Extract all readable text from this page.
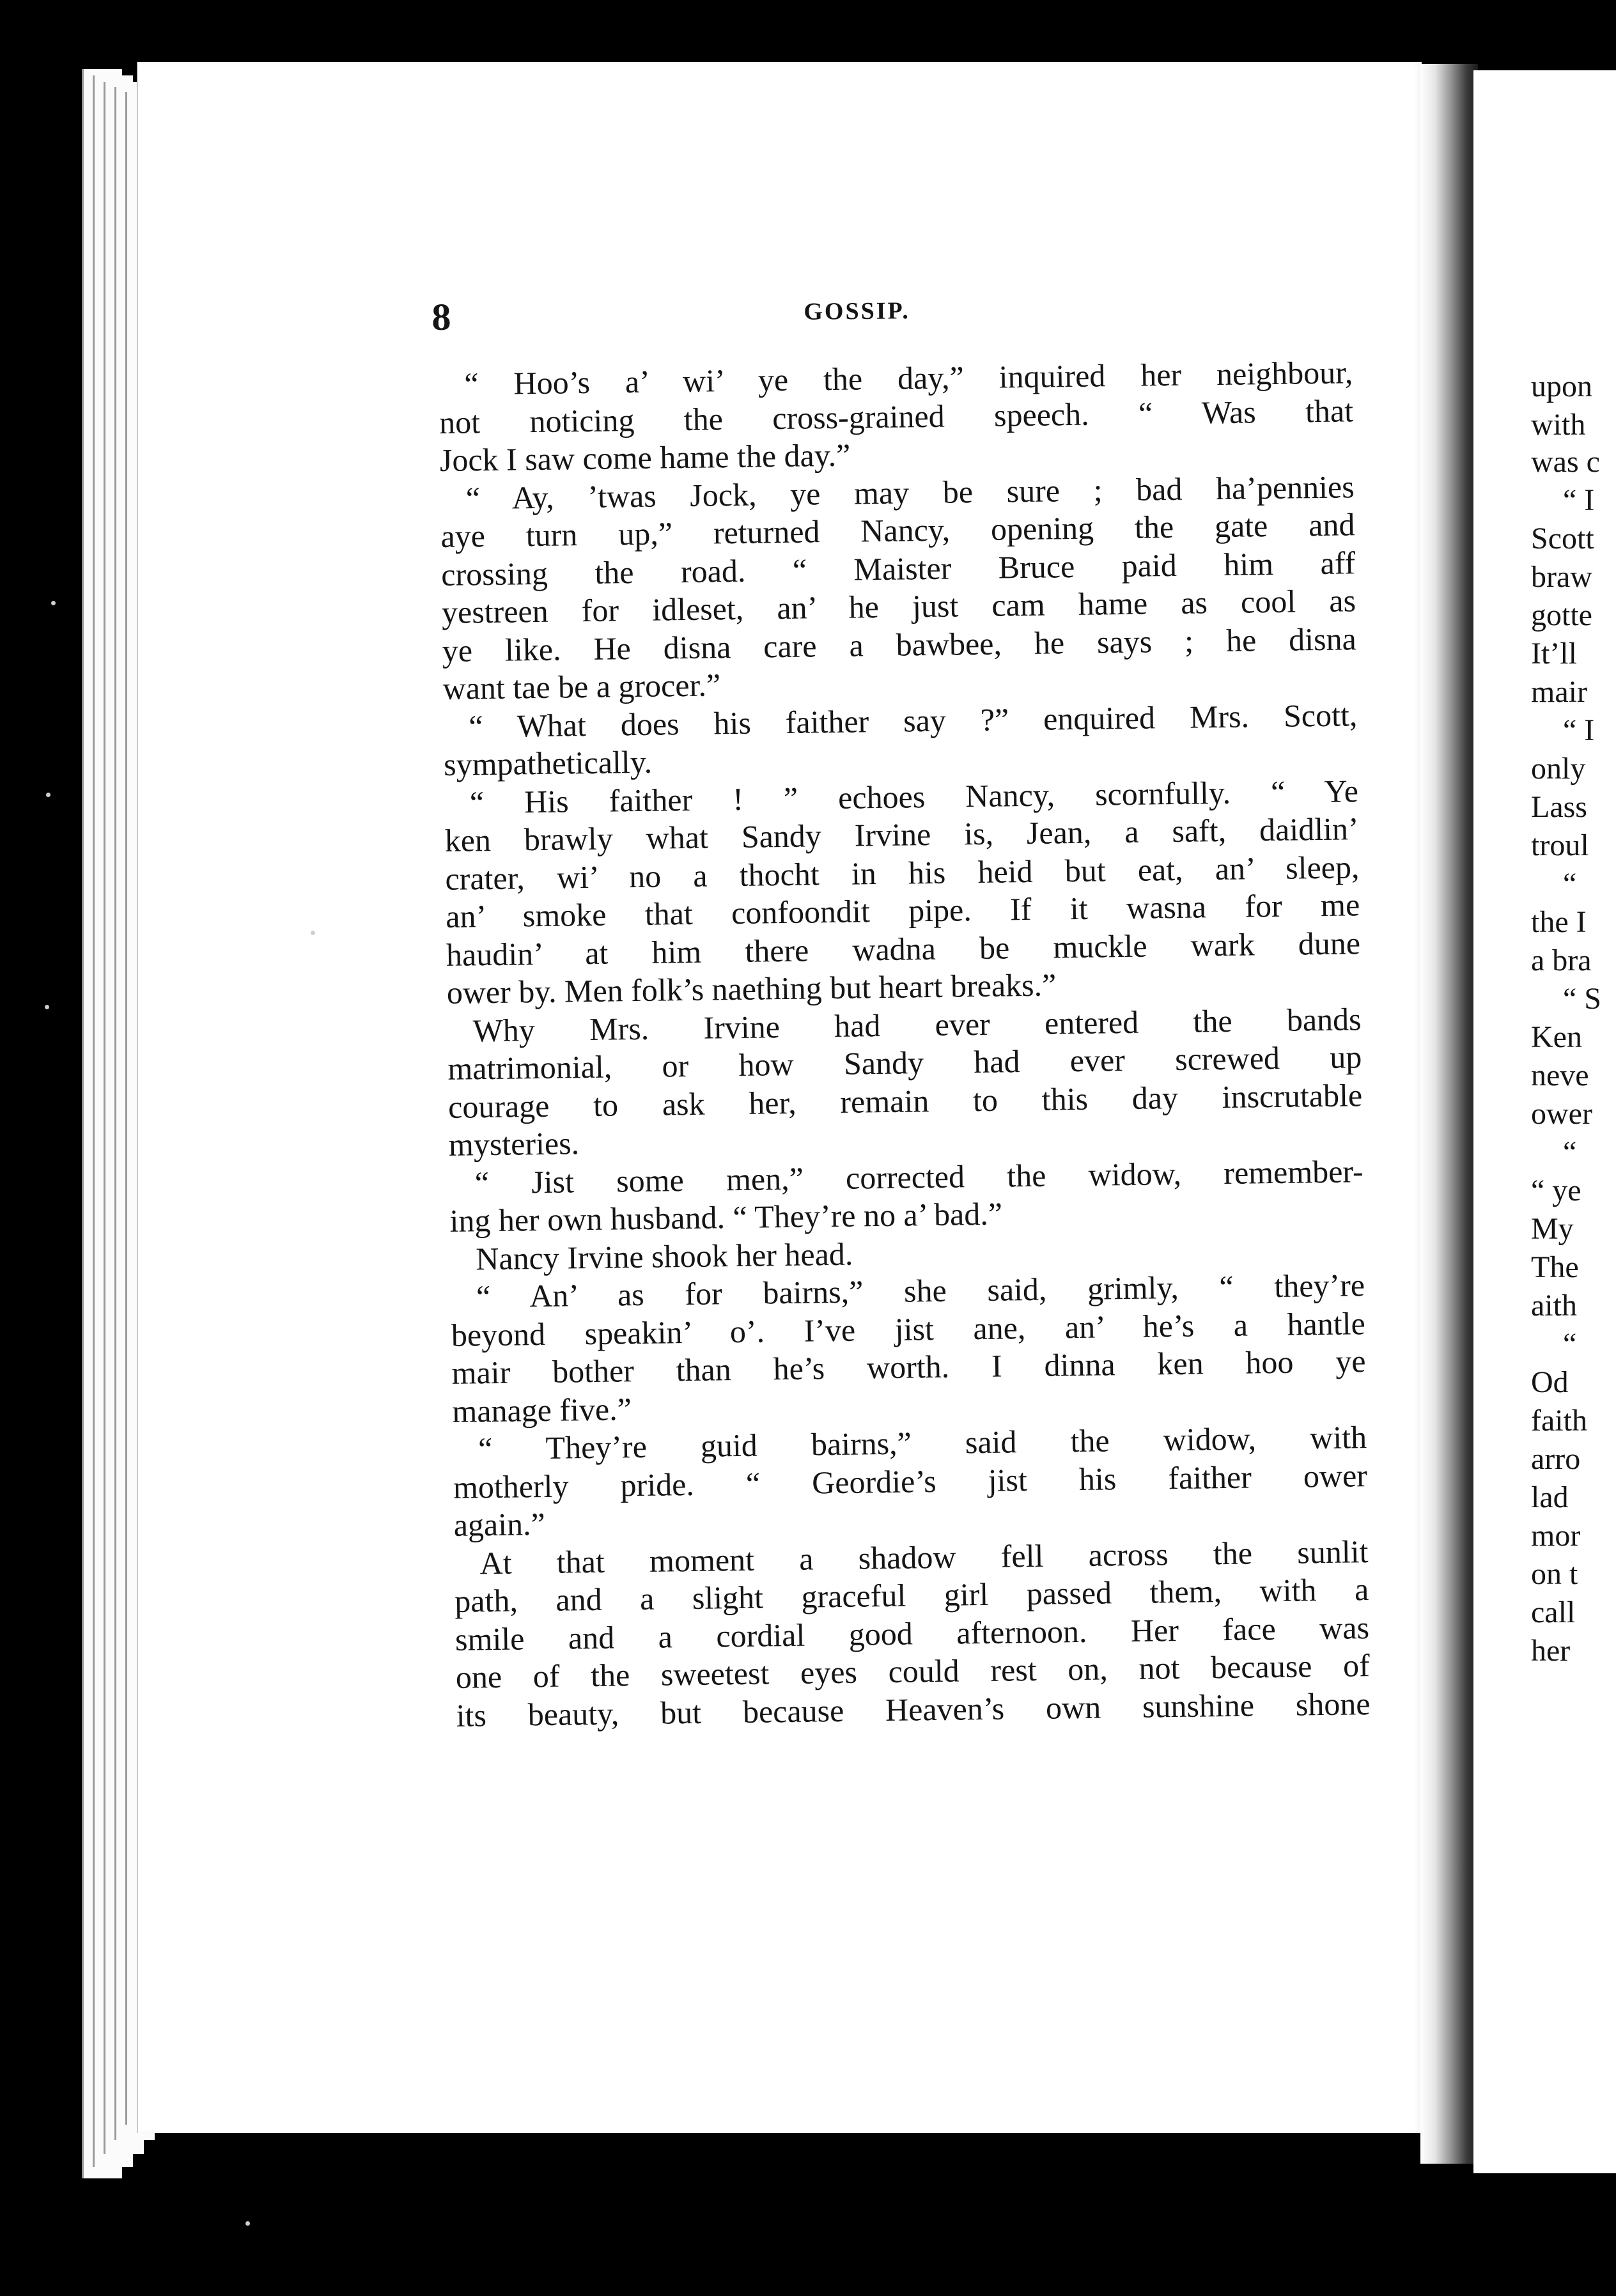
8	GOSSIP.
“ Hoo’s a’ wi’ ye the day,” inquired her neighbour,
not noticing the cross-grained speech. “ Was that
Jock I saw come hame the day.”
“ Ay, ’twas Jock, ye may be sure ; bad ha’pennies
aye turn up,” returned Nancy, opening the gate and
crossing the road. “ Maister Bruce paid him aff
yestreen for idleset, an’ he just cam hame as cool as
ye like. He disna care a bawbee, he says ; he disna
want tae be a grocer.”
“ What does his faither say ?” enquired Mrs. Scott,
sympathetically.
“ His faither ! ” echoes Nancy, scornfully. “ Ye
ken brawly what Sandy Irvine is, Jean, a saft, daidlin’
crater, wi’ no a thocht in his heid but eat, an’ sleep,
an’ smoke that confoondit pipe. If it wasna for me
haudin’ at him there wadna be muckle wark dune
ower by. Men folk’s naething but heart breaks.”
Why Mrs. Irvine had ever entered the bands
matrimonial, or how Sandy had ever screwed up
courage to ask her, remain to this day inscrutable
mysteries.
“ Jist some men,” corrected the widow, remember-
ing her own husband. “ They’re no a’ bad.”
Nancy Irvine shook her head.
“ An’ as for bairns,” she said, grimly, “ they’re
beyond speakin’ o’. I’ve jist ane, an’ he’s a hantle
mair bother than he’s worth. I dinna ken hoo ye
manage five.”
“ They’re guid bairns,” said the widow, with
motherly pride. “ Geordie’s jist his faither ower
again.”
At that moment a shadow fell across the sunlit
path, and a slight graceful girl passed them, with a
smile and a cordial good afternoon. Her face was
one of the sweetest eyes could rest on, not because of
its beauty, but because Heaven’s own sunshine shone
upon
with
was c
“ I
Scott
braw
gotte
It’ll
mair
“ I
only
Lass
troul
“
the I
a bra
“ S
Ken
neve
ower
“
“ ye
My
The
aith
“
Od
faith
arro
lad
mor
on t
call
her
